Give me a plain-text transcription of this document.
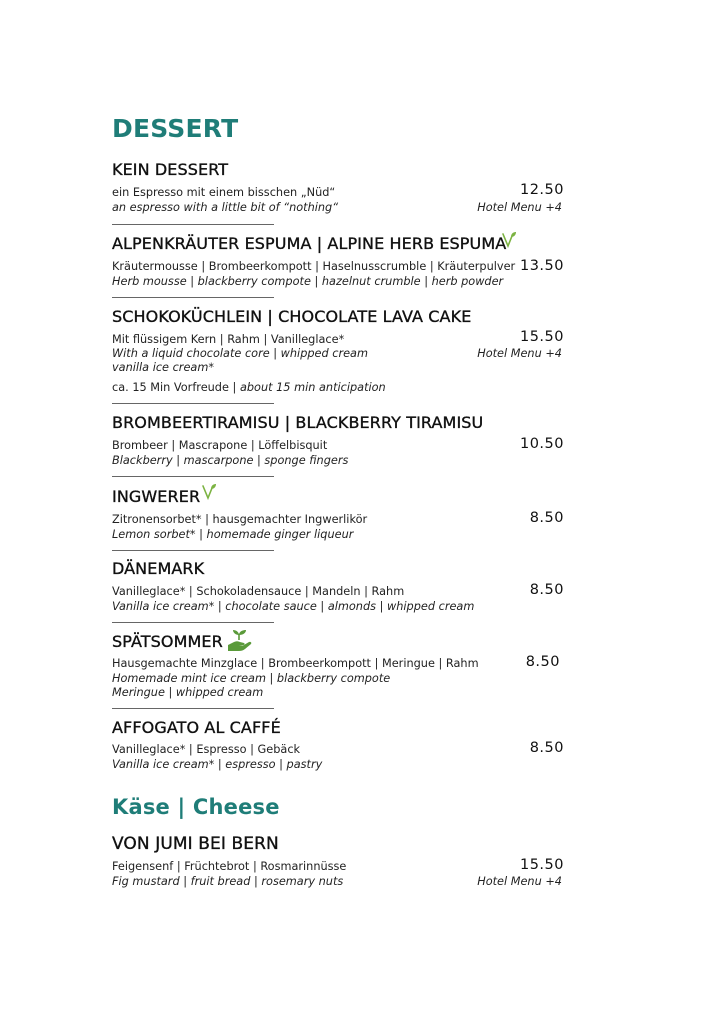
DESSERT
KEIN DESSERT
ein Espresso mit einem bisschen „Nüd“
an espresso with a little bit of “nothing“
12.50
Hotel Menu +4
ALPENKRÄUTER ESPUMA | ALPINE HERB ESPUMA
Kräutermousse | Brombeerkompott | Haselnusscrumble | Kräuterpulver
Herb mousse | blackberry compote | hazelnut crumble | herb powder
13.50
SCHOKOKÜCHLEIN | CHOCOLATE LAVA CAKE
Mit flüssigem Kern | Rahm | Vanilleglace*
With a liquid chocolate core | whipped cream
vanilla ice cream*
ca. 15 Min Vorfreude | about 15 min anticipation
15.50
Hotel Menu +4
BROMBEERTIRAMISU | BLACKBERRY TIRAMISU
Brombeer | Mascrapone | Löffelbisquit
Blackberry | mascarpone | sponge fingers
10.50
INGWERER
Zitronensorbet* | hausgemachter Ingwerlikör
Lemon sorbet* | homemade ginger liqueur
8.50
DÄNEMARK
Vanilleglace* | Schokoladensauce | Mandeln | Rahm
Vanilla ice cream* | chocolate sauce | almonds | whipped cream
8.50
SPÄTSOMMER
Hausgemachte Minzglace | Brombeerkompott | Meringue | Rahm
Homemade mint ice cream | blackberry compote
Meringue | whipped cream
8.50
AFFOGATO AL CAFFÉ
Vanilleglace* | Espresso | Gebäck
Vanilla ice cream* | espresso | pastry
8.50
Käse | Cheese
VON JUMI BEI BERN
Feigensenf | Früchtebrot | Rosmarinnüsse
Fig mustard | fruit bread | rosemary nuts
15.50
Hotel Menu +4
